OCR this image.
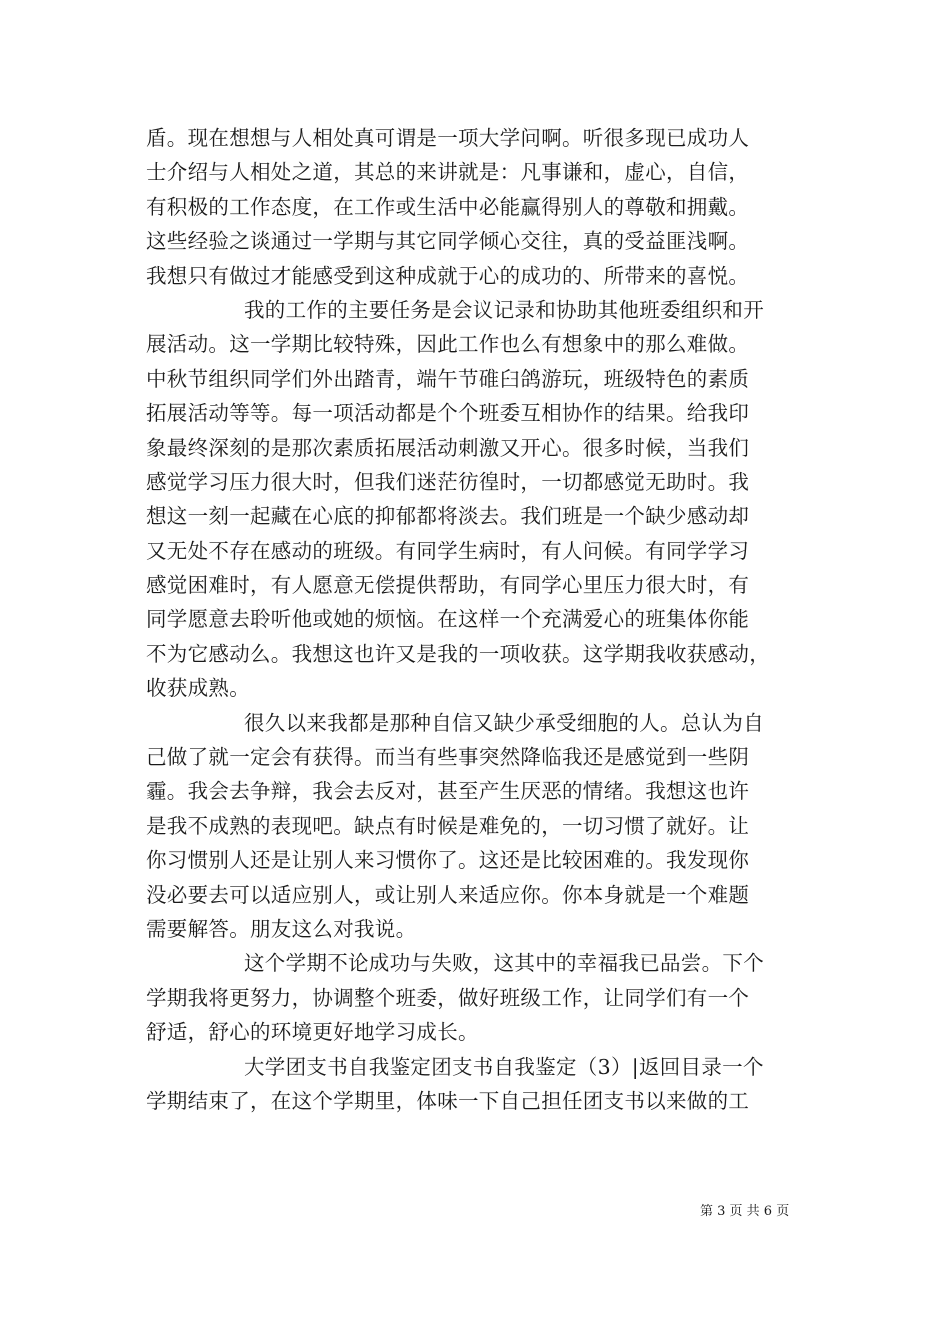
盾。现在想想与人相处真可谓是一项大学问啊。听很多现已成功人
士介绍与人相处之道，其总的来讲就是：凡事谦和，虚心，自信，
有积极的工作态度，在工作或生活中必能赢得别人的尊敬和拥戴。
这些经验之谈通过一学期与其它同学倾心交往，真的受益匪浅啊。
我想只有做过才能感受到这种成就于心的成功的、所带来的喜悦。
我的工作的主要任务是会议记录和协助其他班委组织和开
展活动。这一学期比较特殊，因此工作也么有想象中的那么难做。
中秋节组织同学们外出踏青，端午节碓臼鸽游玩，班级特色的素质
拓展活动等等。每一项活动都是个个班委互相协作的结果。给我印
象最终深刻的是那次素质拓展活动刺激又开心。很多时候，当我们
感觉学习压力很大时，但我们迷茫彷徨时，一切都感觉无助时。我
想这一刻一起藏在心底的抑郁都将淡去。我们班是一个缺少感动却
又无处不存在感动的班级。有同学生病时，有人问候。有同学学习
感觉困难时，有人愿意无偿提供帮助，有同学心里压力很大时，有
同学愿意去聆听他或她的烦恼。在这样一个充满爱心的班集体你能
不为它感动么。我想这也许又是我的一项收获。这学期我收获感动，
收获成熟。
很久以来我都是那种自信又缺少承受细胞的人。总认为自
己做了就一定会有获得。而当有些事突然降临我还是感觉到一些阴
霾。我会去争辩，我会去反对，甚至产生厌恶的情绪。我想这也许
是我不成熟的表现吧。缺点有时候是难免的，一切习惯了就好。让
你习惯别人还是让别人来习惯你了。这还是比较困难的。我发现你
没必要去可以适应别人，或让别人来适应你。你本身就是一个难题
需要解答。朋友这么对我说。
这个学期不论成功与失败，这其中的幸福我已品尝。下个
学期我将更努力，协调整个班委，做好班级工作，让同学们有一个
舒适，舒心的环境更好地学习成长。
大学团支书自我鉴定团支书自我鉴定（3）|返回目录一个
学期结束了，在这个学期里，体味一下自己担任团支书以来做的工
第 3 页 共 6 页
